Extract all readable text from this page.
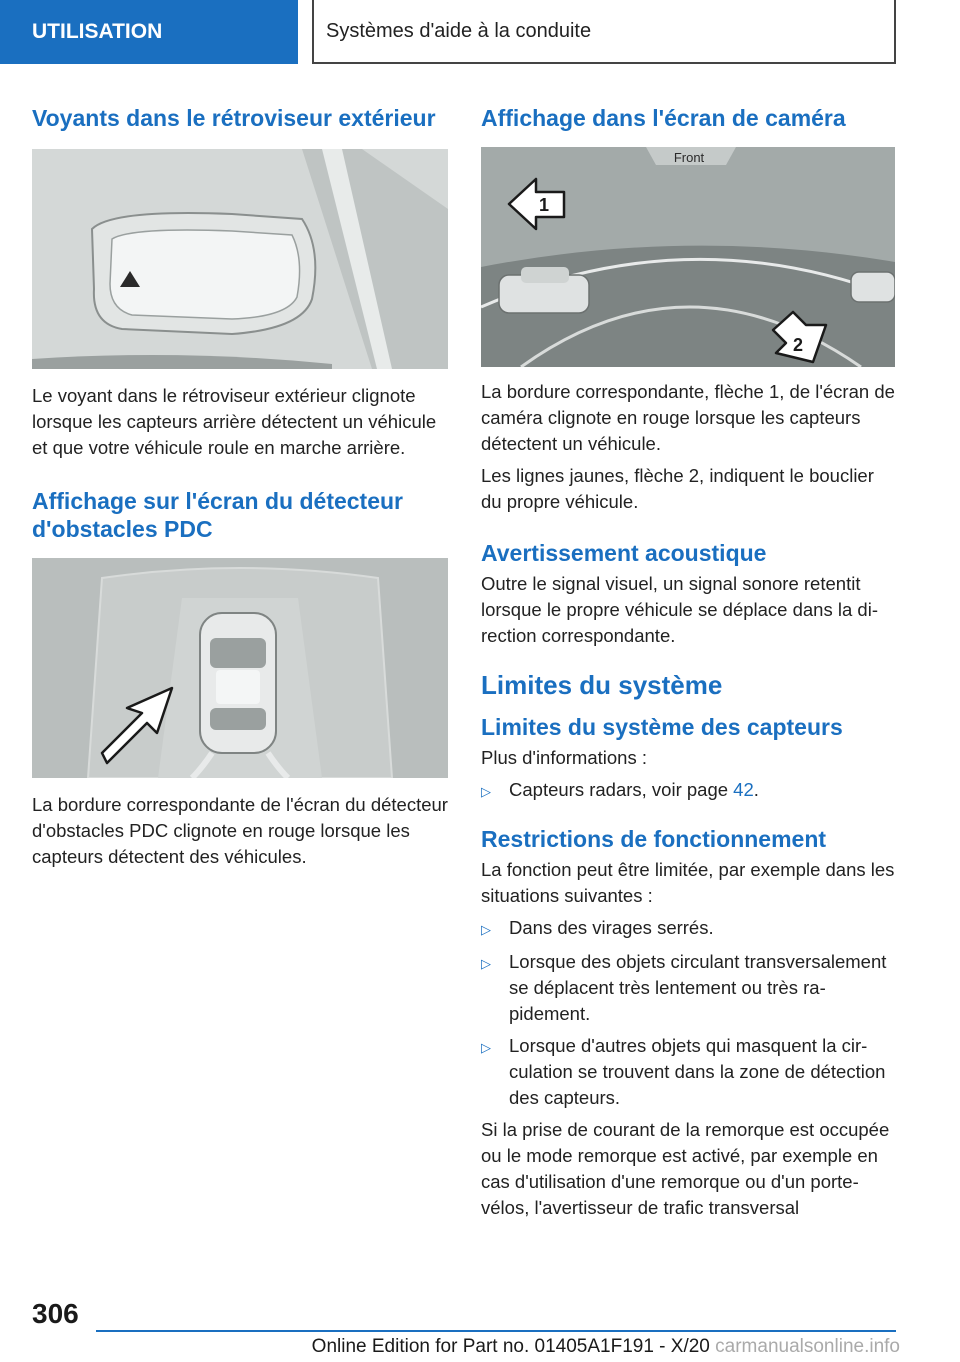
UTILISATION	Systèmes d'aide à la conduite
Voyants dans le rétroviseur extérieur

Le voyant dans le rétroviseur extérieur clignote lorsque les capteurs arrière détectent un véhicule et que votre véhicule roule en marche arrière.

Affichage sur l'écran du détecteur d'obstacles PDC

La bordure correspondante de l'écran du détecteur d'obstacles PDC clignote en rouge lorsque les capteurs détectent des véhicules.

Affichage dans l'écran de caméra
Front
1
2

La bordure correspondante, flèche 1, de l'écran de caméra clignote en rouge lorsque les capteurs détectent un véhicule.

Les lignes jaunes, flèche 2, indiquent le bouclier du propre véhicule.

Avertissement acoustique

Outre le signal visuel, un signal sonore retentit lorsque le propre véhicule se déplace dans la direction correspondante.

Limites du système
Limites du système des capteurs

Plus d'informations :

▷ Capteurs radars, voir page 42.
Restrictions de fonctionnement

La fonction peut être limitée, par exemple dans les situations suivantes :

▷ Dans des virages serrés.
▷ Lorsque des objets circulant transversalement se déplacent très lentement ou très rapidement.
▷ Lorsque d'autres objets qui masquent la circulation se trouvent dans la zone de détection des capteurs.

Si la prise de courant de la remorque est occupée ou le mode remorque est activé, par exemple en cas d'utilisation d'une remorque ou d'un porte-vélos, l'avertisseur de trafic transversal

306
Online Edition for Part no. 01405A1F191 - X/20 carmanualsonline.info
